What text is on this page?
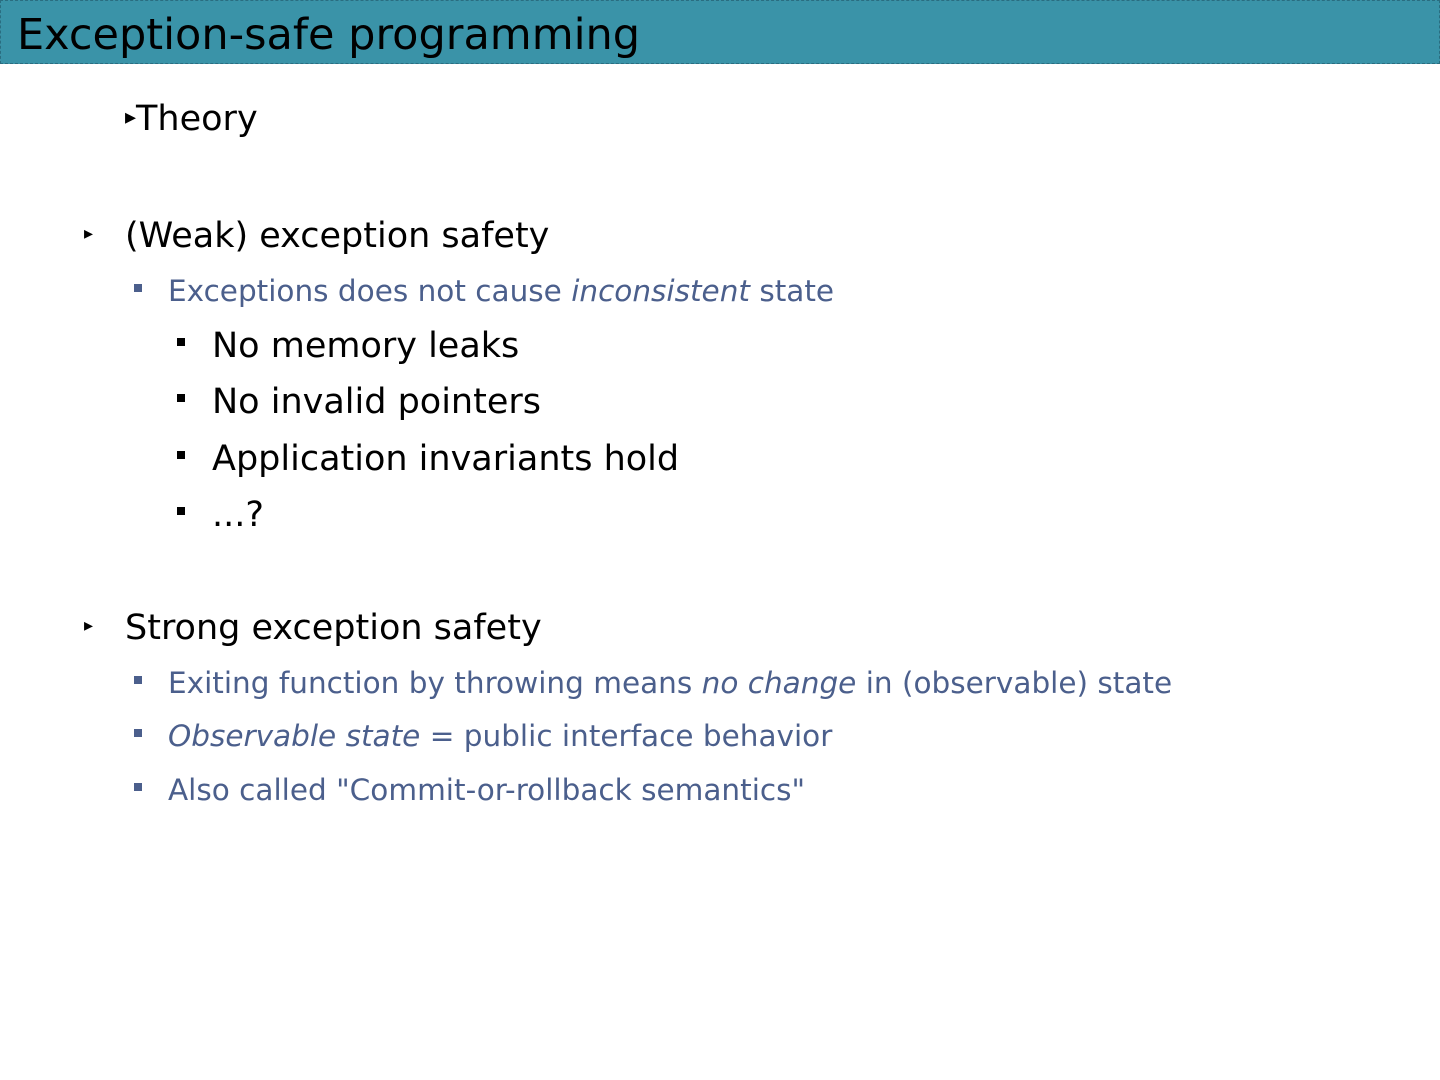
Exception-safe programming
▸Theory
▸ (Weak) exception safety
Exceptions does not cause inconsistent state
No memory leaks
No invalid pointers
Application invariants hold
...?
▸ Strong exception safety
Exiting function by throwing means no change in (observable) state
Observable state = public interface behavior
Also called "Commit-or-rollback semantics"
